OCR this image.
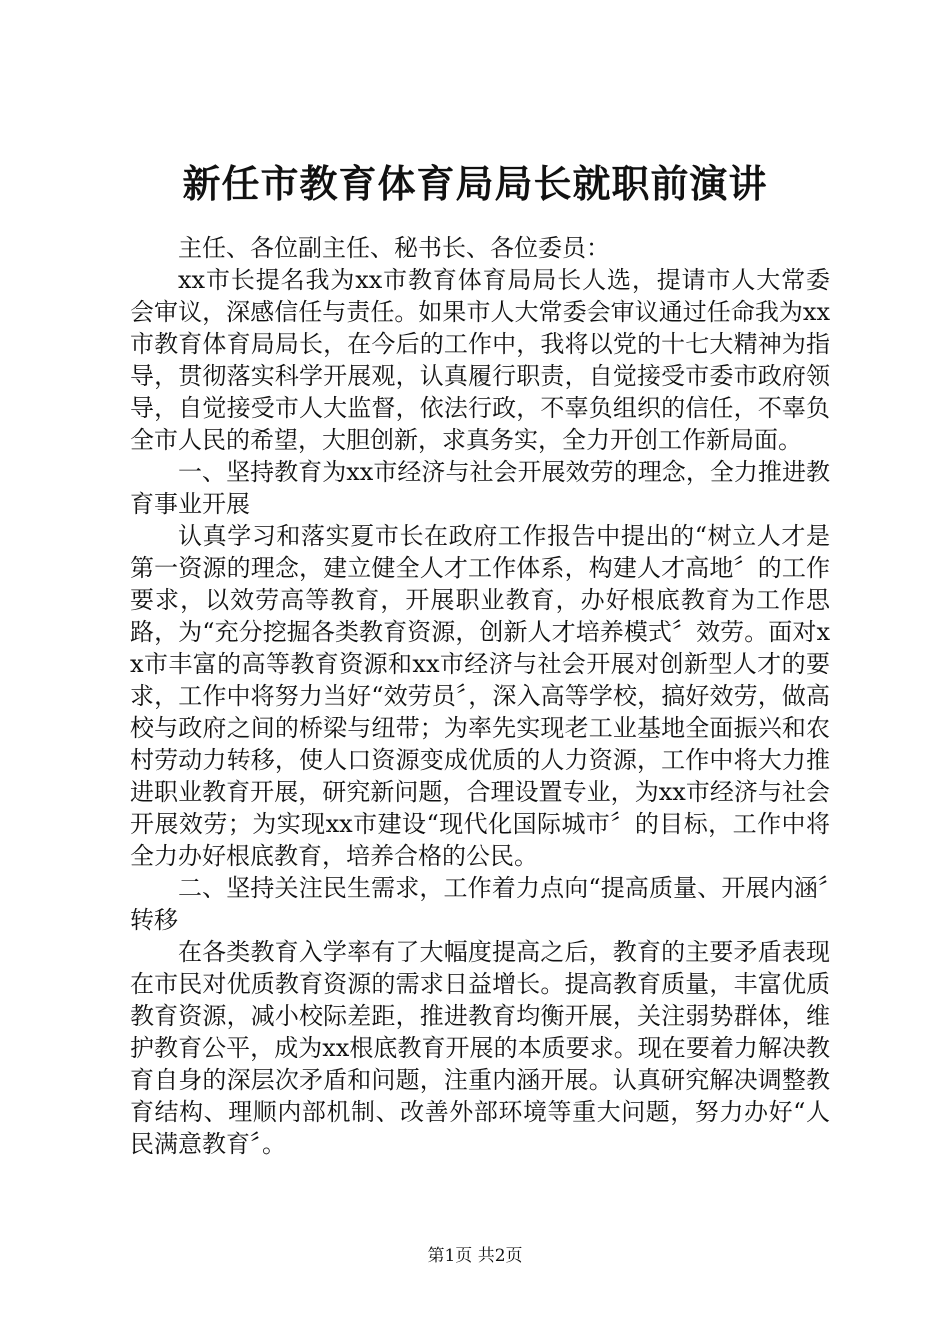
新任市教育体育局局长就职前演讲

主任、各位副主任、秘书长、各位委员：

xx市长提名我为xx市教育体育局局长人选，提请市人大常委会审议，深感信任与责任。如果市人大常委会审议通过任命我为xx市教育体育局局长，在今后的工作中，我将以党的十七大精神为指导，贯彻落实科学开展观，认真履行职责，自觉接受市委市政府领导，自觉接受市人大监督，依法行政，不辜负组织的信任，不辜负全市人民的希望，大胆创新，求真务实，全力开创工作新局面。

一、坚持教育为xx市经济与社会开展效劳的理念，全力推进教育事业开展

认真学习和落实夏市长在政府工作报告中提出的“树立人才是第一资源的理念，建立健全人才工作体系，构建人才高地〞的工作要求，以效劳高等教育，开展职业教育，办好根底教育为工作思路，为“充分挖掘各类教育资源，创新人才培养模式〞效劳。面对xx市丰富的高等教育资源和xx市经济与社会开展对创新型人才的要求，工作中将努力当好“效劳员〞，深入高等学校，搞好效劳，做高校与政府之间的桥梁与纽带；为率先实现老工业基地全面振兴和农村劳动力转移，使人口资源变成优质的人力资源，工作中将大力推进职业教育开展，研究新问题，合理设置专业，为xx市经济与社会开展效劳；为实现xx市建设“现代化国际城市〞的目标，工作中将全力办好根底教育，培养合格的公民。

二、坚持关注民生需求，工作着力点向“提高质量、开展内涵〞转移

在各类教育入学率有了大幅度提高之后，教育的主要矛盾表现在市民对优质教育资源的需求日益增长。提高教育质量，丰富优质教育资源，减小校际差距，推进教育均衡开展，关注弱势群体，维护教育公平，成为xx根底教育开展的本质要求。现在要着力解决教育自身的深层次矛盾和问题，注重内涵开展。认真研究解决调整教育结构、理顺内部机制、改善外部环境等重大问题，努力办好“人民满意教育〞。

第1页 共2页
